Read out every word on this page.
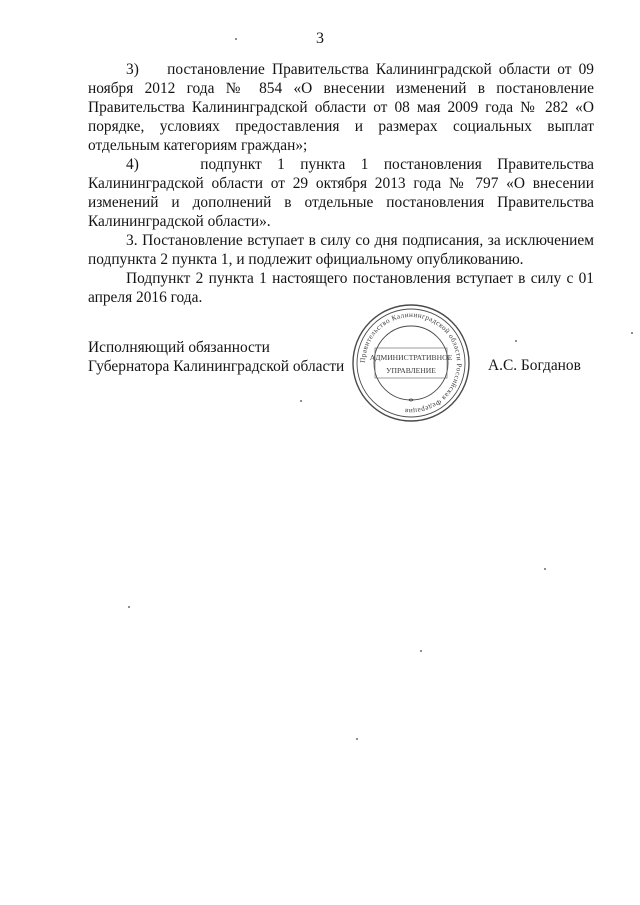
3

3)    постановление Правительства Калининградской области от 09 ноября 2012 года № 854 «О внесении изменений в постановление Правительства Калининградской области от 08 мая 2009 года № 282 «О порядке, условиях предоставления и размерах социальных выплат отдельным категориям граждан»;

4)    подпункт 1 пункта 1 постановления Правительства Калининградской области от 29 октября 2013 года № 797 «О внесении изменений и дополнений в отдельные постановления Правительства Калининградской области».

3. Постановление вступает в силу со дня подписания, за исключением подпункта 2 пункта 1, и подлежит официальному опубликованию.

Подпункт 2 пункта 1 настоящего постановления вступает в силу с 01 апреля 2016 года.

Исполняющий обязанности
Губернатора Калининградской области	А.С. Богданов
Правительство Калининградской области Российская Федерация
АДМИНИСТРАТИВНОЕ
УПРАВЛЕНИЕ
*
